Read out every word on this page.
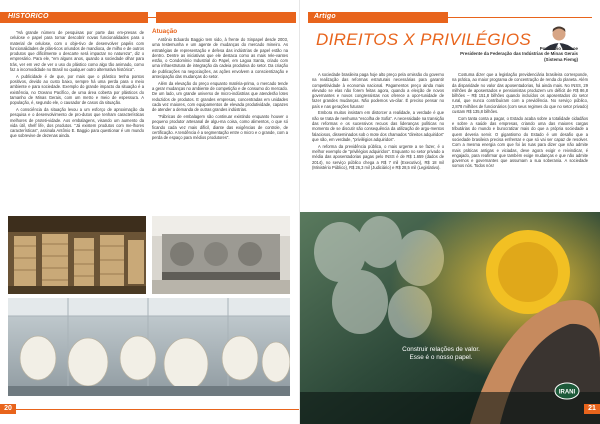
HISTÓRICO

"Há grande número de pesquisas por parte das em-presas de celulose e papel para tornar descobrir novas funcionalidades para o material de celulose, com o obje-tivo de desenvolver papéis com funcionalidades de plás-ticos oriundos de mandioca, de milho e de outros produtos que dificilmente o descarte será impactar no natureza", diz o empresário. Para ele, "em alguns anos, quando a sociedade olhar para trás, ver em vez de ver o uso do plástico como algo tão animado, como faz a incomodidade no Brasil no qualquer outro alternativa histórica".

A publicidade é de que, por mais que o plástico tenha pontos positivos, devido ao custo baixo, sempre há uma perda para o meio ambiente e para sociedade. Exemplo do grande impacto da situação é a existência, no Oceano Pacífico, de uma área coberta por plásticos do tamanho de Minas Gerais, com um metro e meio de espessura. A população, é, segundo ele, o causador de casos da situação.

A consciência da situação levou a um esforço de aproximação da pesquisa e o desenvolvimento de pro-dutos que tenham características melhores de proteti-vidade. Aos embalagens, visando um aumento da vida útil, shelf life, dos produtos. "Já existem produtos com me-lhores características", assinala Antônio E. Baggio para questionar é um mundo que sobrevive de dezenas ainda.

Atuação

Antônio Eduardo Baggio tem sido, à frente do Sinpapel desde 2003, uma testemunha e um agente de mudanças do mercado mineiro. As estratégias de representação e defesa das indústrias de papel estão na dentro. Dentre as iniciativas que ele destaca como as mais rele-vantes estão, o Condomínio Industrial do Papel, em Lagoa Santa, criado com uma infraestrutura de integração da cadeia produtiva do setor. Da criação de publicações na negociações, as ações envolvem a conscientização e antecipação das mudanças do setor.

Além da elevação do preço enquanto matéria-prima, o mercado tende a gerar mudanças no ambiente de competição e de consumo do mercado. De um lado, um grande universo de micro-indústrias que atenderão lotes reduzidos de produtos. E grandes empresas, concentradas em unidades cada vez maiores, com equipamentos de elevada produtividade, capazes de atender a demanda de outras grandes indústrias.

"Fábricas de embalagem são continuar existindo enquanto houver o pequeno produtor artesanal de algu-ma coisa, como alimentos, o que só ficando cada vez mais difícil, diante das exigências de controle, de certificação. A tendência é a segmentação entre o micro e o grande, com a perda de espaço para médios produtores".

20
Artigo
DIREITOS X PRIVILÉGIOS	Por Flávio Roscoe
Presidente da Federação das Indústrias de Minas Gerais
(Sistema Fiemg)

A sociedade brasileira paga hoje alto preço pela omissão do governo na realização das reformas estruturais necessárias para garantir competitividade à economia nacional. Pagamentos preço ainda mais elevado se elas não forem feitas agora, quando a eleição de novos governantes e novos congressistas nos oferece a opor-tunidade de fazer grandes mudanças. Não podemos va-cilar. É preciso pensar no país e nas gerações futuras!

Embora muitos insistam em distorcer a realidade, a verdade é que não se trata de nenhuma "escolha de Sofia". A necessidade na transição das reformas e os sucessivos recuos das lideranças políticas no momento de se discutir são consequência da utilização de argu-mentos falaciosos, disseminados sob o mote dos chamados "direitos adquiridos" que são, em verdade, "privilégios adquiridos".

A reforma da previdência pública, o mais urgente a se fazer, é o melhor exemplo de "privilégios adquiridos". Enquanto no setor privado a média das aposentadorias pagas pelo INSS é de R$ 1.659 (dados de 2014), no serviço público chega a R$ 7 mil (Executivo), R$ 18 mil (Ministério Público), R$ 26,3 mil (Judiciário) e R$ 28,5 mil (Legislativo).

Costuma dizer que a legislação previdenciária brasileira corresponde, na prática, ao maior programa de concentração de renda do planeta. Além da disparidade no valor das aposentadorias, há ainda mais. No INSS, 29 milhões de aposentados e pensionistas produzem um déficit de R$ 86,8 bilhões – R$ 151,8 bilhões quando incluídos os aposentados do setor rural, que nunca contribuíram com a previdência. No serviço público, 2,878 milhões de funcionários (com seus regimes do que no setor privado) custam R$ 135,8 bilhões.

Com tanta conta a pagar, o Estado acaba sobre a totalidade cidadãos e sobre a saúde das empresas, criando uma das maiores cargas tributárias do mundo e burocratizar mais do que a própria sociedade a quem deveria servir. O gigantismo do Estado é um desafio que a sociedade brasileira precisa enfrentar e que só vai ser capaz de resolver. Com a mesma energia com que foi às ruas para dizer que não admite mais práticas antigas e viciadas, deve agora exigir e reivindicar, é engajado, para reafirmar que também exige mudanças e que não admite governos e governantes que assumam a sua soberania. A sociedade somos nós. Todos nós!

Construir relações de valor.
Esse é o nosso papel.
IRANI
21
